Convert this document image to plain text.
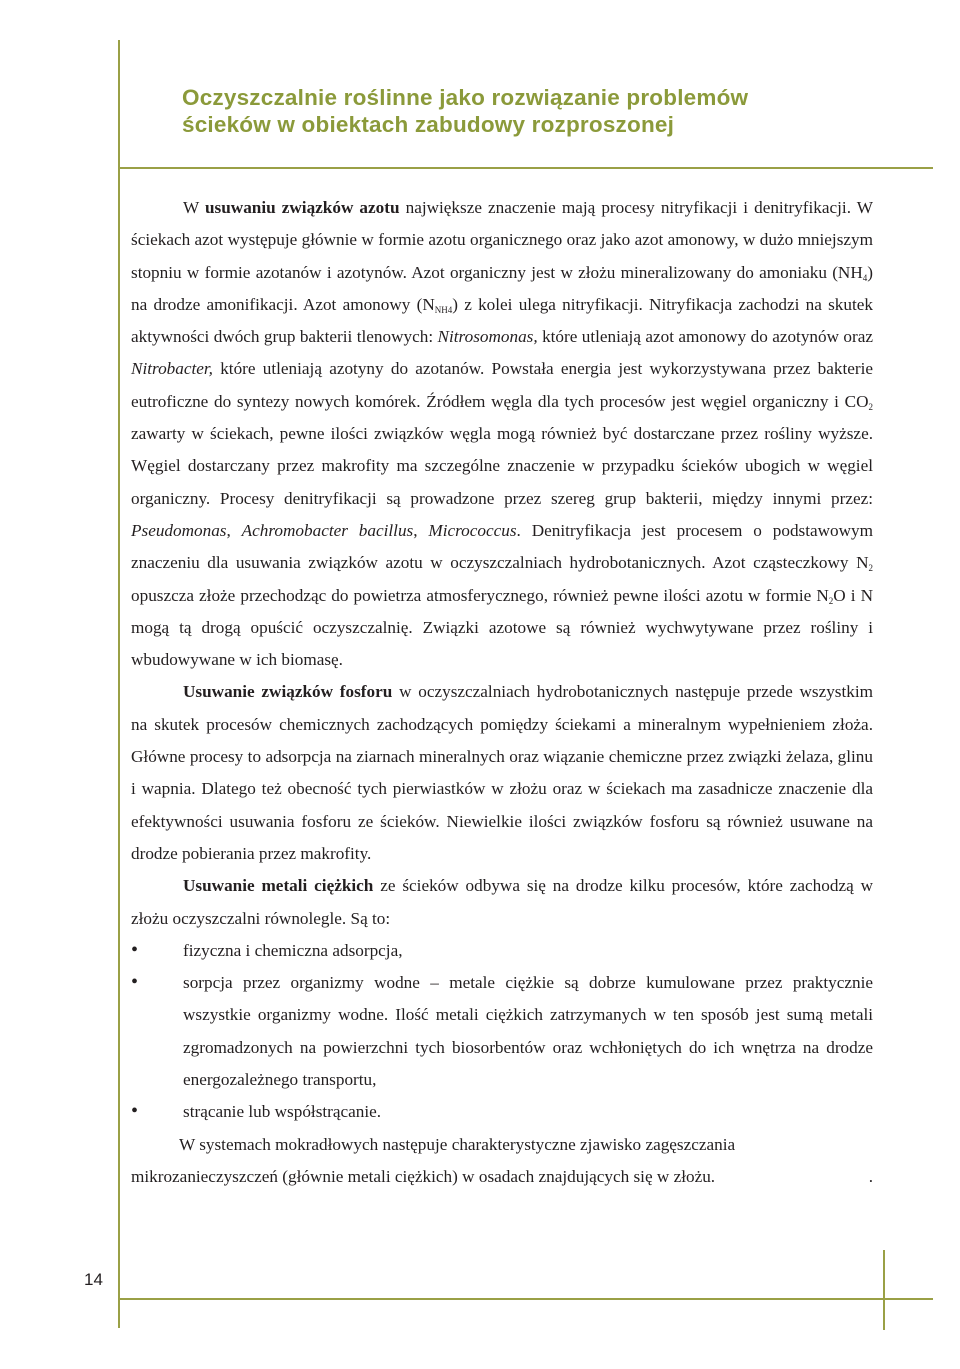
Oczyszczalnie roślinne jako rozwiązanie problemów
ścieków w obiektach zabudowy rozproszonej

W usuwaniu związków azotu największe znaczenie mają procesy nitryfikacji i denitryfikacji. W ściekach azot występuje głównie w formie azotu organicznego oraz jako azot amonowy, w dużo mniejszym stopniu w formie azotanów i azotynów. Azot organiczny jest w złożu mineralizowany do amoniaku $(NH_4)$ na drodze amonifikacji. Azot amonowy $(N_{NH4})$ z kolei ulega nitryfikacji. Nitryfikacja zachodzi na skutek aktywności dwóch grup bakterii tlenowych: Nitrosomonas, które utleniają azot amonowy do azotynów oraz Nitrobacter, które utleniają azotyny do azotanów. Powstała energia jest wykorzystywana przez bakterie eutroficzne do syntezy nowych komórek. Źródłem węgla dla tych procesów jest węgiel organiczny i $CO_2$ zawarty w ściekach, pewne ilości związków węgla mogą również być dostarczane przez rośliny wyższe. Węgiel dostarczany przez makrofity ma szczególne znaczenie w przypadku ścieków ubogich w węgiel organiczny. Procesy denitryfikacji są prowadzone przez szereg grup bakterii, między innymi przez: Pseudomonas, Achromobacter bacillus, Micrococcus. Denitryfikacja jest procesem o podstawowym znaczeniu dla usuwania związków azotu w oczyszczalniach hydrobotanicznych. Azot cząsteczkowy $N_2$ opuszcza złoże przechodząc do powietrza atmosferycznego, również pewne ilości azotu w formie $N_2O$ i N mogą tą drogą opuścić oczyszczalnię. Związki azotowe są również wychwytywane przez rośliny i wbudowywane w ich biomasę.

Usuwanie związków fosforu w oczyszczalniach hydrobotanicznych następuje przede wszystkim na skutek procesów chemicznych zachodzących pomiędzy ściekami a mineralnym wypełnieniem złoża. Główne procesy to adsorpcja na ziarnach mineralnych oraz wiązanie chemiczne przez związki żelaza, glinu i wapnia. Dlatego też obecność tych pierwiastków w złożu oraz w ściekach ma zasadnicze znaczenie dla efektywności usuwania fosforu ze ścieków. Niewielkie ilości związków fosforu są również usuwane na drodze pobierania przez makrofity.

Usuwanie metali ciężkich ze ścieków odbywa się na drodze kilku procesów, które zachodzą w złożu oczyszczalni równolegle. Są to:

• fizyczna i chemiczna adsorpcja,
• sorpcja przez organizmy wodne – metale ciężkie są dobrze kumulowane przez praktycznie wszystkie organizmy wodne. Ilość metali ciężkich zatrzymanych w ten sposób jest sumą metali zgromadzonych na powierzchni tych biosorbentów oraz wchłoniętych do ich wnętrza na drodze energozależnego transportu,
• strącanie lub współstrącanie.

W systemach mokradłowych następuje charakterystyczne zjawisko zagęszczania

mikrozanieczyszczeń (głównie metali ciężkich) w osadach znajdujących się w złożu.	.

14
